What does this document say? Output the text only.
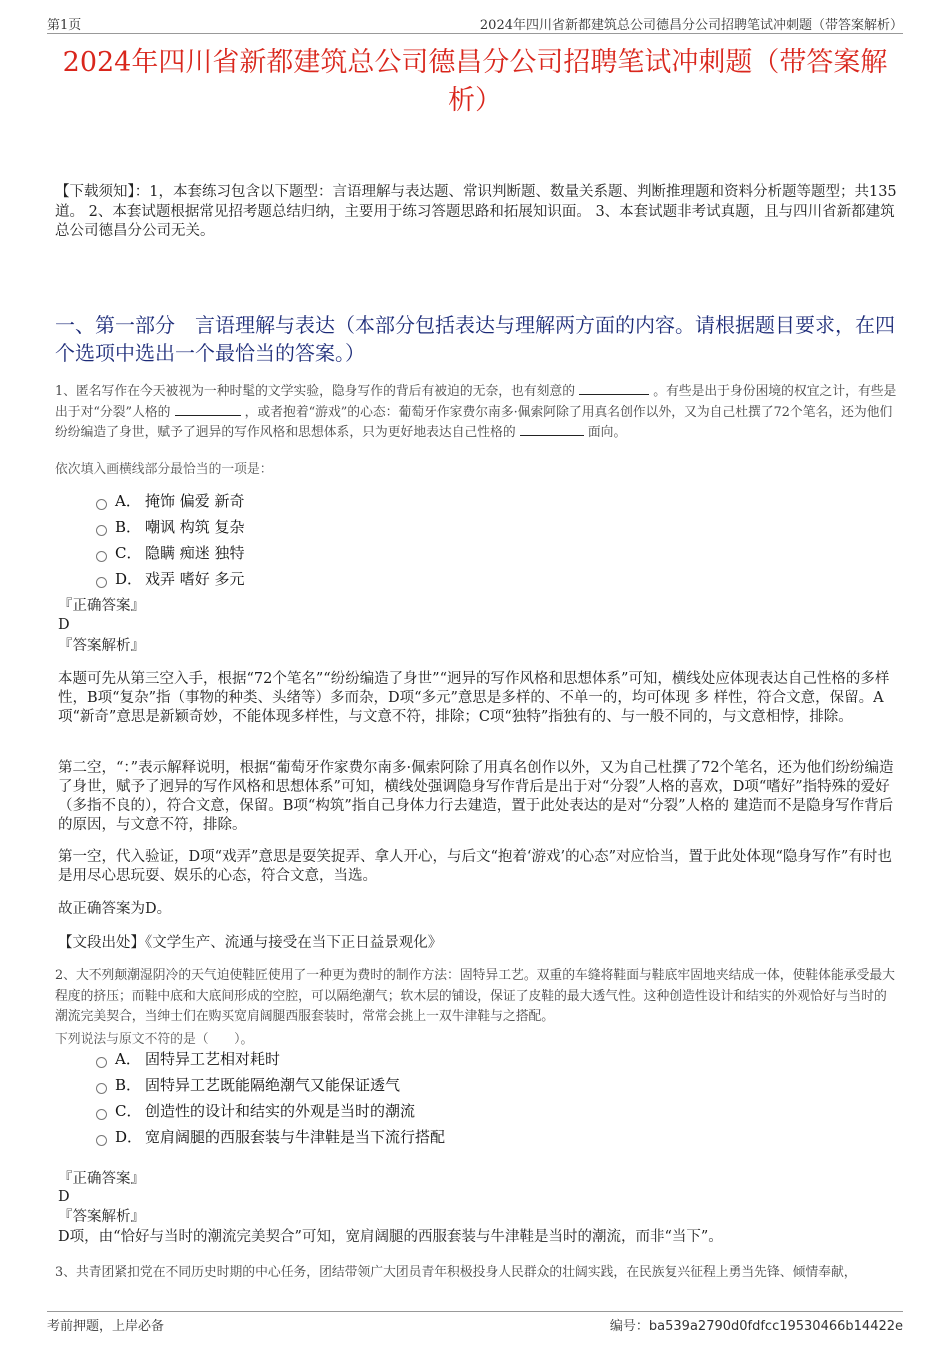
第1页	2024年四川省新都建筑总公司德昌分公司招聘笔试冲刺题（带答案解析）
2024年四川省新都建筑总公司德昌分公司招聘笔试冲刺题（带答案解析）
【下载须知】：1，本套练习包含以下题型：言语理解与表达题、常识判断题、数量关系题、判断推理题和资料分析题等题型；共135道。 2、本套试题根据常见招考题总结归纳，主要用于练习答题思路和拓展知识面。 3、本套试题非考试真题，且与四川省新都建筑总公司德昌分公司无关。
一、第一部分　言语理解与表达（本部分包括表达与理解两方面的内容。请根据题目要求，在四个选项中选出一个最恰当的答案。）
1、匿名写作在今天被视为一种时髦的文学实验，隐身写作的背后有被迫的无奈，也有刻意的	。有些是出于身份困境的权宜之计，有些是出于对“分裂”人格的	，或者抱着“游戏”的心态：葡萄牙作家费尔南多·佩索阿除了用真名创作以外，又为自己杜撰了72个笔名，还为他们纷纷编造了身世，赋予了迥异的写作风格和思想体系，只为更好地表达自己性格的	面向。
依次填入画横线部分最恰当的一项是：
A． 掩饰 偏爱 新奇
B． 嘲讽 构筑 复杂
C． 隐瞒 痴迷 独特
D． 戏弄 嗜好 多元
『正确答案』
D
『答案解析』
本题可先从第三空入手，根据“72个笔名”“纷纷编造了身世”“迥异的写作风格和思想体系”可知，横线处应体现表达自己性格的多样性，B项“复杂”指（事物的种类、头绪等）多而杂，D项“多元”意思是多样的、不单一的，均可体现 多 样性，符合文意，保留。A项“新奇”意思是新颖奇妙，不能体现多样性，与文意不符，排除；C项“独特”指独有的、与一般不同的，与文意相悖，排除。
第二空，“：”表示解释说明，根据“葡萄牙作家费尔南多·佩索阿除了用真名创作以外，又为自己杜撰了72个笔名，还为他们纷纷编造了身世，赋予了迥异的写作风格和思想体系”可知，横线处强调隐身写作背后是出于对“分裂”人格的喜欢，D项“嗜好”指特殊的爱好（多指不良的），符合文意，保留。B项“构筑”指自己身体力行去建造，置于此处表达的是对“分裂”人格的 建造而不是隐身写作背后的原因，与文意不符，排除。
第一空，代入验证，D项“戏弄”意思是耍笑捉弄、拿人开心，与后文“抱着‘游戏’的心态”对应恰当，置于此处体现“隐身写作”有时也是用尽心思玩耍、娱乐的心态，符合文意，当选。
故正确答案为D。
【文段出处】《文学生产、流通与接受在当下正日益景观化》
2、大不列颠潮湿阴冷的天气迫使鞋匠使用了一种更为费时的制作方法：固特异工艺。双重的车缝将鞋面与鞋底牢固地夹结成一体，使鞋体能承受最大程度的挤压；而鞋中底和大底间形成的空腔，可以隔绝潮气；软木层的铺设，保证了皮鞋的最大透气性。这种创造性设计和结实的外观恰好与当时的潮流完美契合，当绅士们在购买宽肩阔腿西服套装时，常常会挑上一双牛津鞋与之搭配。
下列说法与原文不符的是（　　）。
A． 固特异工艺相对耗时
B． 固特异工艺既能隔绝潮气又能保证透气
C． 创造性的设计和结实的外观是当时的潮流
D． 宽肩阔腿的西服套装与牛津鞋是当下流行搭配
『正确答案』
D
『答案解析』
D项，由“恰好与当时的潮流完美契合”可知，宽肩阔腿的西服套装与牛津鞋是当时的潮流，而非“当下”。
3、共青团紧扣党在不同历史时期的中心任务，团结带领广大团员青年积极投身人民群众的壮阔实践，在民族复兴征程上勇当先锋、倾情奉献，
考前押题，上岸必备	编号：ba539a2790d0fdfcc19530466b14422e
